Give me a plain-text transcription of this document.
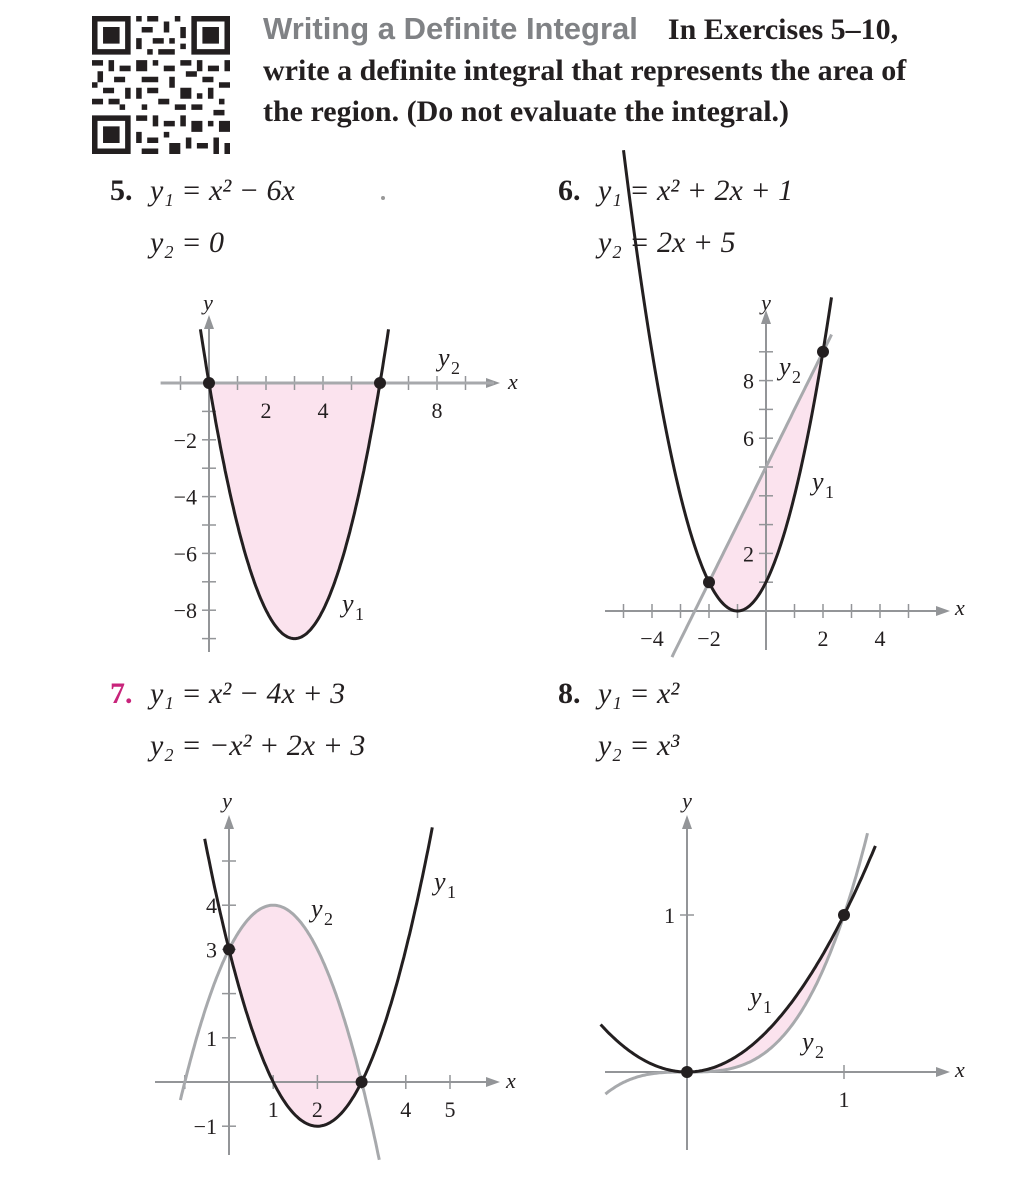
Writing a Definite Integral In Exercises 5–10,
write a definite integral that represents the area of
the region. (Do not evaluate the integral.)
5. y₁ = x² − 6x
y₂ = 0
6. y₁ = x² + 2x + 1
y₂ = 2x + 5
7. y₁ = x² − 4x + 3
y₂ = −x² + 2x + 3
8. y₁ = x²
y₂ = x³
2 4	8
−2
−4
−6
−8
y
x
y 1
y 2
−4 −2	2 4
2
6
8
y
x
y 1
y 2
1 2	4 5
−1
1
3
4
y
x
y 1
y 2
1
1
y
x
y 1
y 2
